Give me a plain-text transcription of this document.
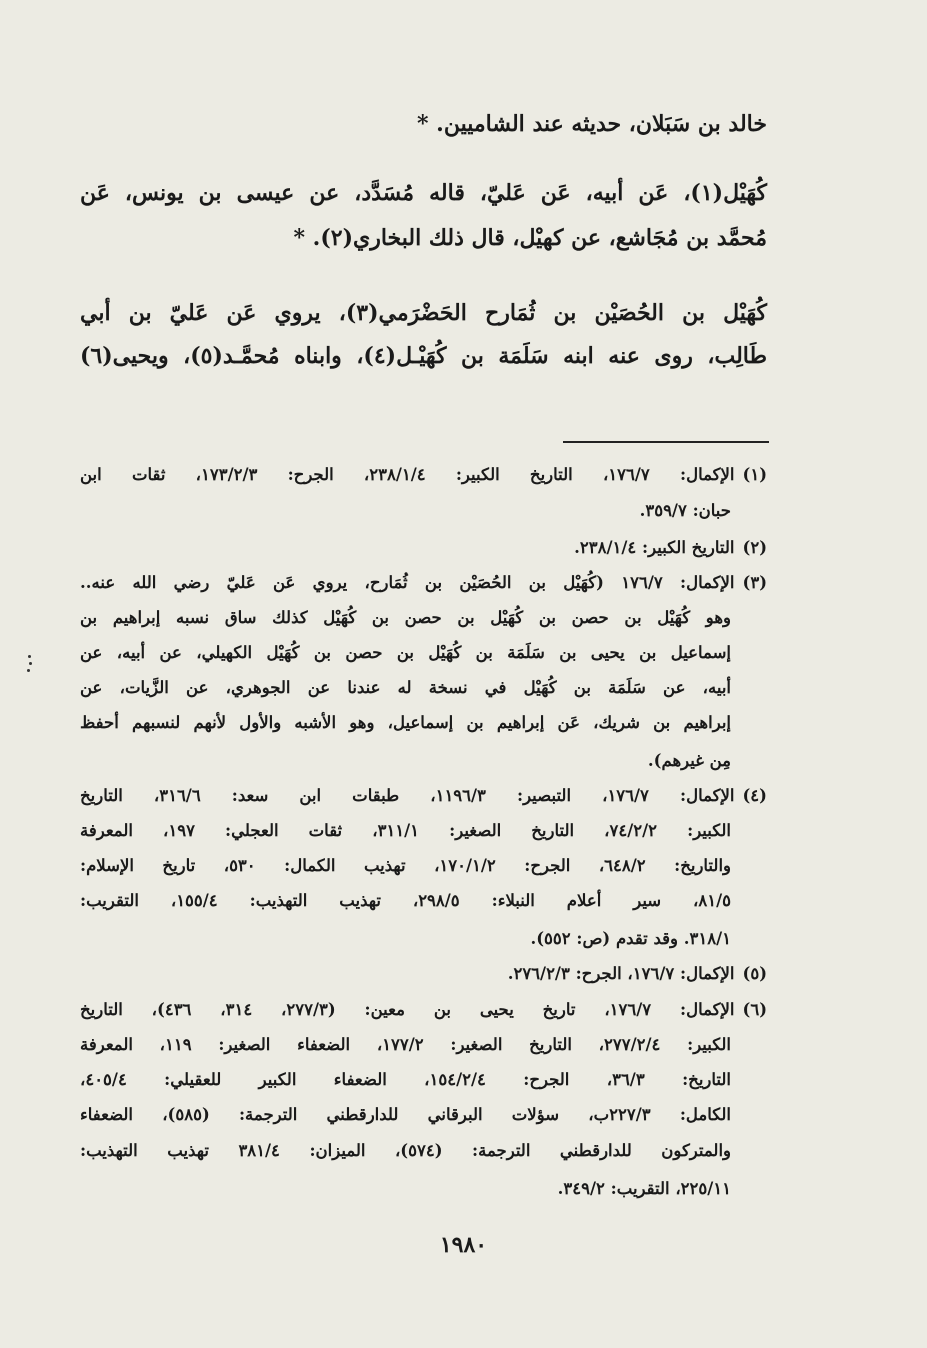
خالد بن سَبَلان، حديثه عند الشاميين. *
كُهَيْل(١)، عَن أبيه، عَن عَليّ، قاله مُسَدَّد، عن عيسى بن يونس، عَن
مُحمَّد بن مُجَاشع، عن كهيْل، قال ذلك البخاري(٢). *
كُهَيْل بن الحُصَيْن بن ثُمَارح الحَضْرَمي(٣)، يروي عَن عَليّ بن أبي
طَالِب، روى عنه ابنه سَلَمَة بن كُهَيْـل(٤)، وابناه مُحمَّـد(٥)، ويحيى(٦)
(١)الإكمال: ١٧٦/٧، التاريخ الكبير: ٢٣٨/١/٤، الجرح: ١٧٣/٢/٣، ثقات ابن
حبان: ٣٥٩/٧.
(٢)التاريخ الكبير: ٢٣٨/١/٤.
(٣)الإكمال: ١٧٦/٧ (كُهَيْل بن الحُصَيْن بن ثُمَارح، يروي عَن عَليّ رضي الله عنه..
وهو كُهَيْل بن حصن بن كُهَيْل بن حصن بن كُهَيْل كذلك ساق نسبه إبراهيم بن
إسماعيل بن يحيى بن سَلَمَة بن كُهَيْل بن حصن بن كُهَيْل الكهيلي، عن أبيه، عن
أبيه، عن سَلَمَة بن كُهَيْل في نسخة له عندنا عن الجوهري، عن الزَّيات، عن
إبراهيم بن شريك، عَن إبراهيم بن إسماعيل، وهو الأشبه والأول لأنهم لنسبهم أحفظ
مِن غيرهم).
(٤)الإكمال: ١٧٦/٧، التبصير: ١١٩٦/٣، طبقات ابن سعد: ٣١٦/٦، التاريخ
الكبير: ٧٤/٢/٢، التاريخ الصغير: ٣١١/١، ثقات العجلي: ١٩٧، المعرفة
والتاريخ: ٦٤٨/٢، الجرح: ١٧٠/١/٢، تهذيب الكمال: ٥٣٠، تاريخ الإسلام:
٨١/٥، سير أعلام النبلاء: ٢٩٨/٥، تهذيب التهذيب: ١٥٥/٤، التقريب:
٣١٨/١. وقد تقدم (ص: ٥٥٢).
(٥)الإكمال: ١٧٦/٧، الجرح: ٢٧٦/٢/٣.
(٦)الإكمال: ١٧٦/٧، تاريخ يحيى بن معين: (٢٧٧/٣، ٣١٤، ٤٣٦)، التاريخ
الكبير: ٢٧٧/٢/٤، التاريخ الصغير: ١٧٧/٢، الضعفاء الصغير: ١١٩، المعرفة
التاريخ: ٣٦/٣، الجرح: ١٥٤/٢/٤، الضعفاء الكبير للعقيلي: ٤٠٥/٤،
الكامل: ٢٢٧/٣ب، سؤلات البرقاني للدارقطني الترجمة: (٥٨٥)، الضعفاء
والمتركون للدارقطني الترجمة: (٥٧٤)، الميزان: ٣٨١/٤ تهذيب التهذيب:
٢٢٥/١١، التقريب: ٣٤٩/٢.
١٩٨٠
